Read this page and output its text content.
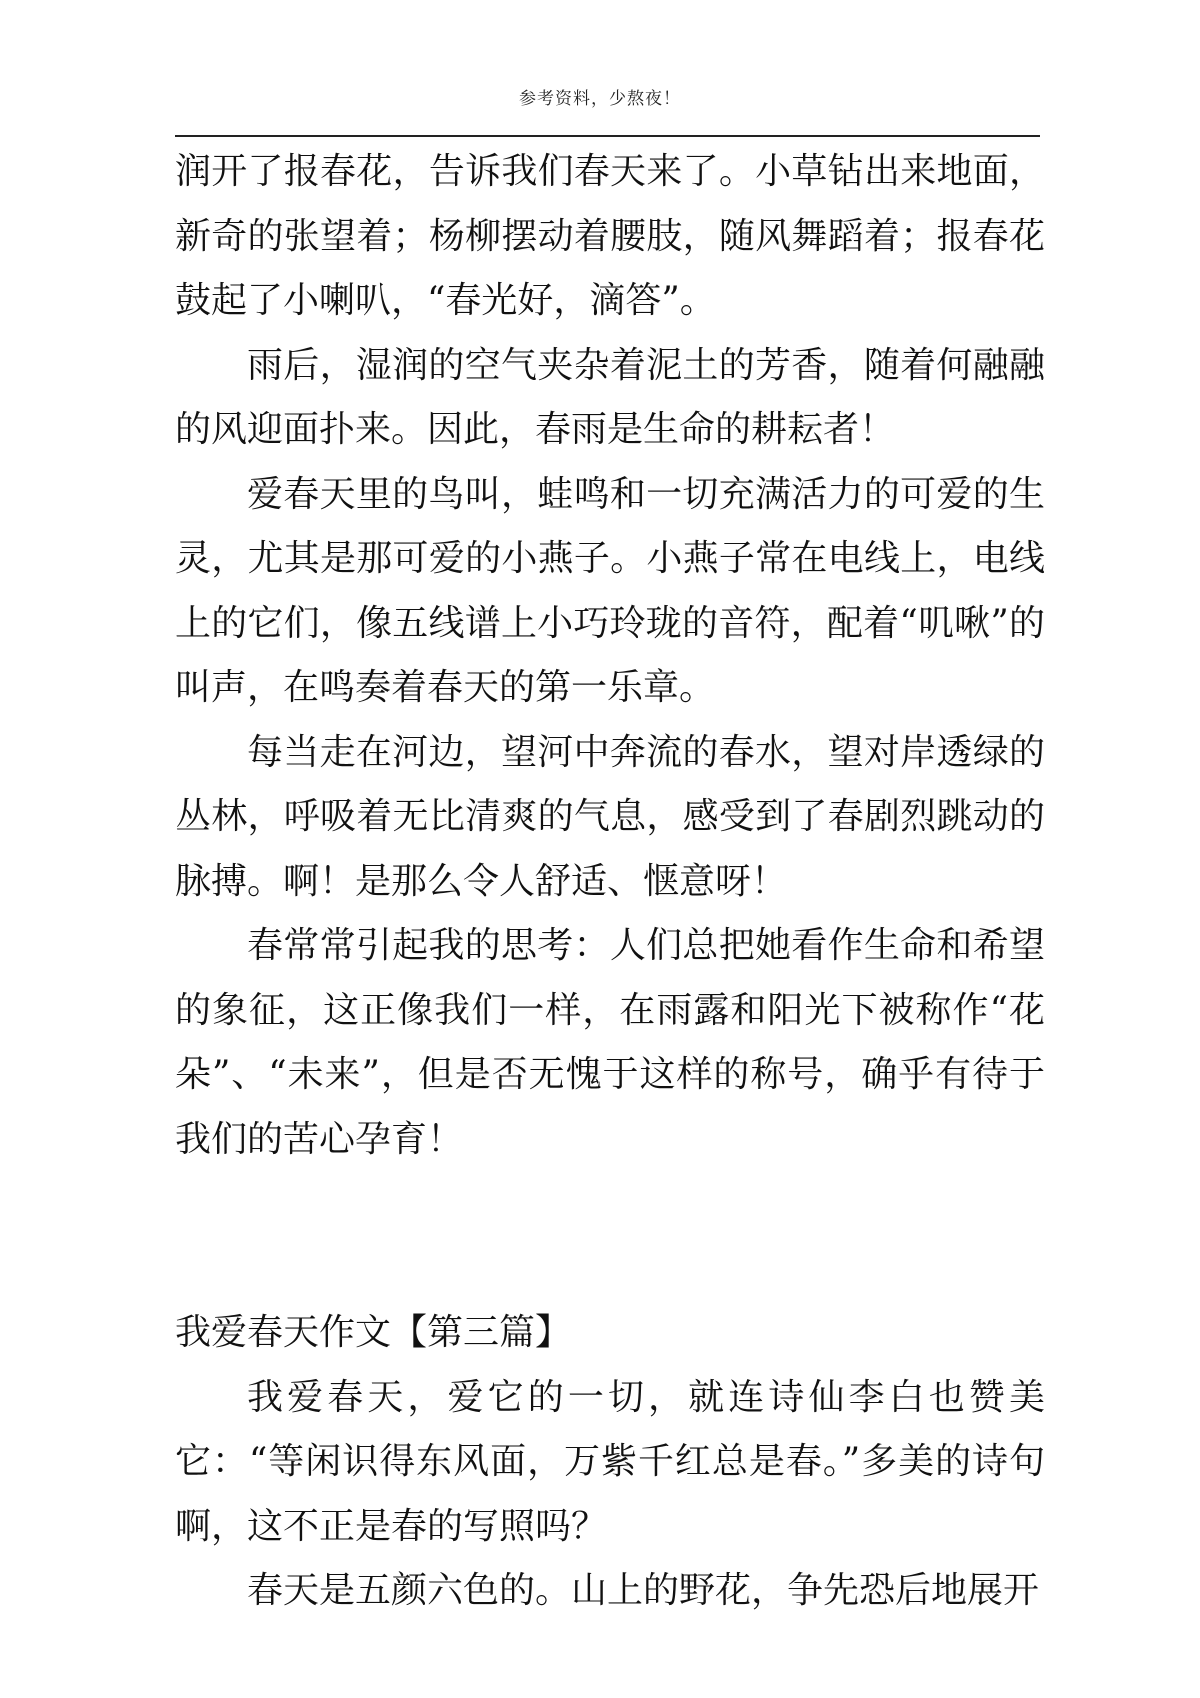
参考资料，少熬夜！

润开了报春花，告诉我们春天来了。小草钻出来地面，新奇的张望着；杨柳摆动着腰肢，随风舞蹈着；报春花鼓起了小喇叭，“春光好，滴答”。

雨后，湿润的空气夹杂着泥土的芳香，随着何融融的风迎面扑来。因此，春雨是生命的耕耘者！

爱春天里的鸟叫，蛙鸣和一切充满活力的可爱的生灵，尤其是那可爱的小燕子。小燕子常在电线上，电线上的它们，像五线谱上小巧玲珑的音符，配着“叽啾”的叫声，在鸣奏着春天的第一乐章。

每当走在河边，望河中奔流的春水，望对岸透绿的丛林，呼吸着无比清爽的气息，感受到了春剧烈跳动的脉搏。啊！是那么令人舒适、惬意呀！

春常常引起我的思考：人们总把她看作生命和希望的象征，这正像我们一样，在雨露和阳光下被称作“花朵”、“未来”，但是否无愧于这样的称号，确乎有待于我们的苦心孕育！

我爱春天作文【第三篇】

我爱春天，爱它的一切，就连诗仙李白也赞美它：“等闲识得东风面，万紫千红总是春。”多美的诗句啊，这不正是春的写照吗？

春天是五颜六色的。山上的野花，争先恐后地展开
